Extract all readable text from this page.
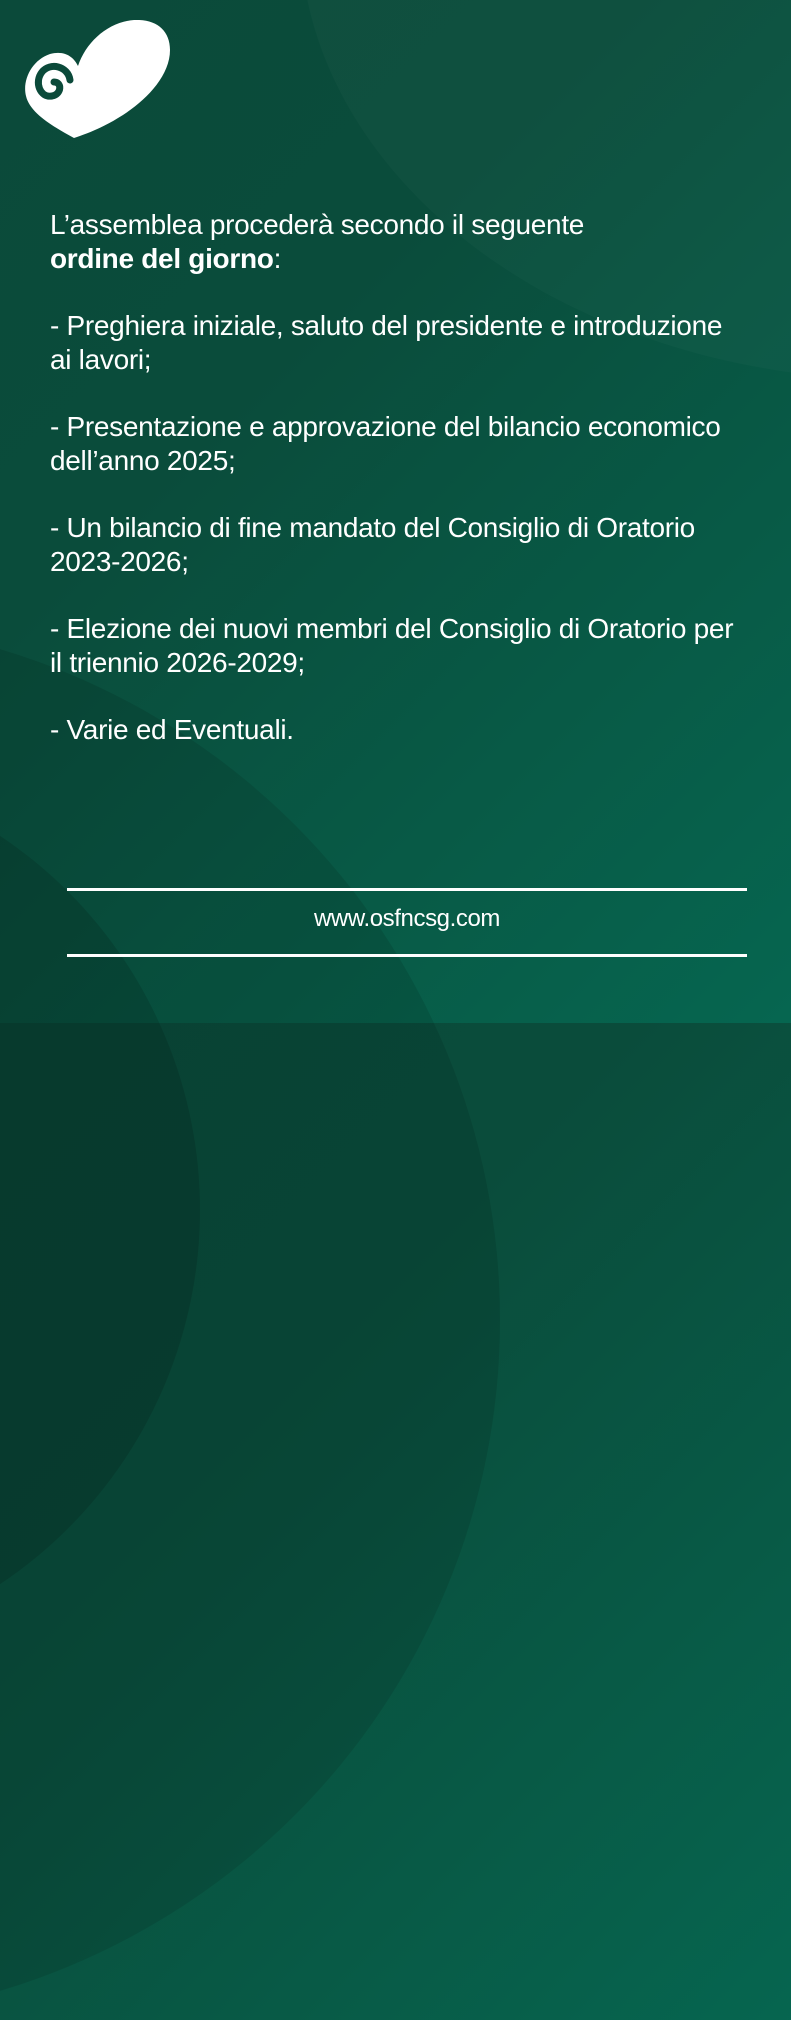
L’assemblea procederà secondo il seguente
ordine del giorno:

- Preghiera iniziale, saluto del presidente e introduzione ai lavori;

- Presentazione e approvazione del bilancio economico dell’anno 2025;

- Un bilancio di fine mandato del Consiglio di Oratorio 2023-2026;

- Elezione dei nuovi membri del Consiglio di Oratorio per il triennio 2026-2029;

- Varie ed Eventuali.

www.osfncsg.com
